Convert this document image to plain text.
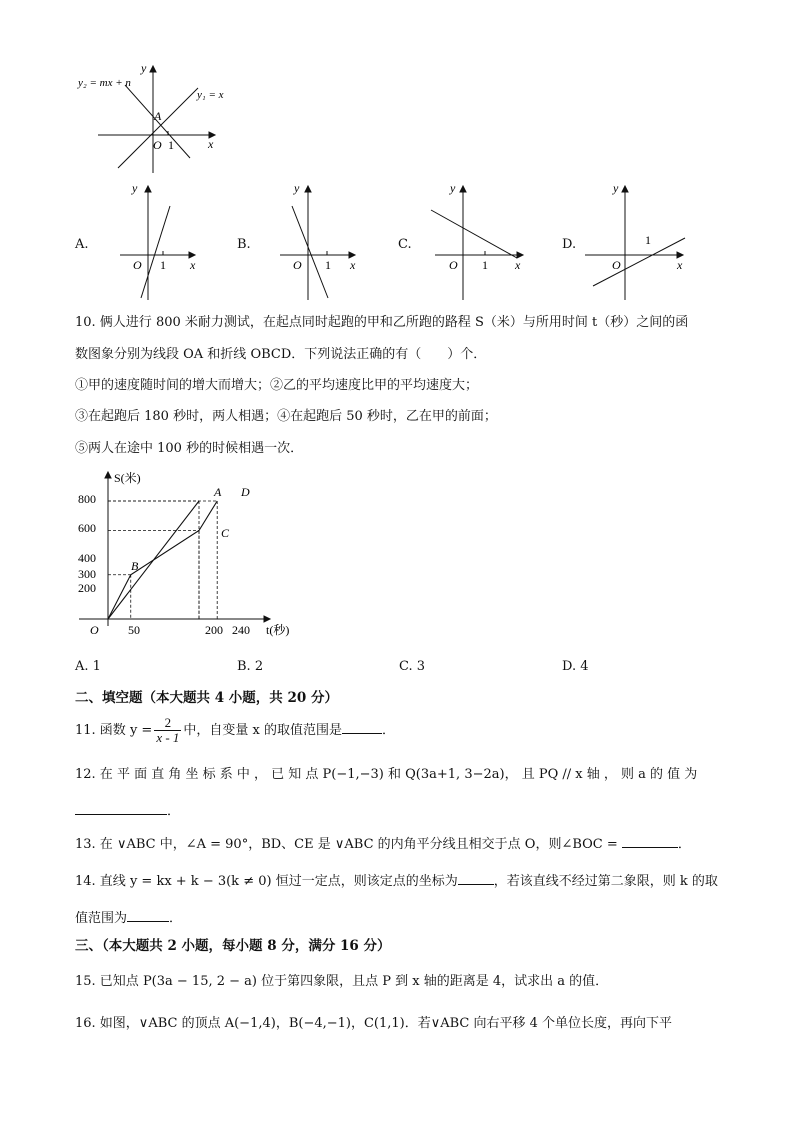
y
x
y₂ = mx + n
y₁ = x
A
O 1
A.
y
x
O 1
B.
y
x
O 1
C.
y
x
O 1
D.
y
x
O
1
10. 俩人进行 800 米耐力测试，在起点同时起跑的甲和乙所跑的路程 S（米）与所用时间 t（秒）之间的函
数图象分别为线段 OA 和折线 OBCD．下列说法正确的有（　　）个．
①甲的速度随时间的增大而增大；②乙的平均速度比甲的平均速度大；
③在起跑后 180 秒时，两人相遇；④在起跑后 50 秒时，乙在甲的前面；
⑤两人在途中 100 秒的时候相遇一次．
S(米)
t(秒)
O
800
600
400
300
200
50	200 240
A
B
C
D
A. 1	B. 2	C. 3	D. 4
二、填空题（本大题共 4 小题，共 20 分）
11. 函数 $y = \frac{2}{x - 1}$ 中，自变量 x 的取值范围是	．
12. 在 平 面 直 角 坐 标 系 中 ， 已 知 点 P(−1,−3) 和 Q(3a+1, 3−2a)， 且 PQ // x 轴 ， 则 a 的 值 为
．
13. 在 ∨ABC 中，∠A = 90°，BD、CE 是 ∨ABC 的内角平分线且相交于点 O，则∠BOC =	．
14. 直线 y = kx + k − 3(k ≠ 0) 恒过一定点，则该定点的坐标为	，若该直线不经过第二象限，则 k 的取
值范围为	．
三、（本大题共 2 小题，每小题 8 分，满分 16 分）
15. 已知点 P(3a − 15, 2 − a) 位于第四象限，且点 P 到 x 轴的距离是 4，试求出 a 的值．
16. 如图，∨ABC 的顶点 A(−1,4)，B(−4,−1)，C(1,1)．若∨ABC 向右平移 4 个单位长度，再向下平
